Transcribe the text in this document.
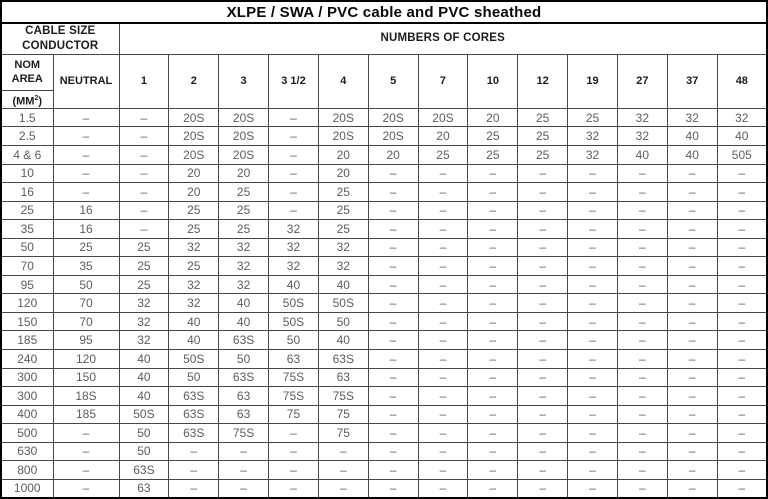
XLPE / SWA / PVC cable and PVC sheathed														

CABLE SIZE
CONDUCTOR		NUMBERS OF CORES												

NOM
AREA
$(MM^2)$	NEUTRAL	1	2	3	3 1/2	4	5	7	10	12	19	27	37	48
1.5	–	–	20S	20S	–	20S	20S	20S	20	25	25	32	32	32
2.5	–	–	20S	20S	–	20S	20S	20	25	25	32	32	40	40
4 & 6	–	–	20S	20S	–	20	20	25	25	25	32	40	40	505
10	–	–	20	20	–	20	–	–	–	–	–	–	–	–
16	–	–	20	25	–	25	–	–	–	–	–	–	–	–
25	16	–	25	25	–	25	–	–	–	–	–	–	–	–
35	16	–	25	25	32	25	–	–	–	–	–	–	–	–
50	25	25	32	32	32	32	–	–	–	–	–	–	–	–
70	35	25	25	32	32	32	–	–	–	–	–	–	–	–
95	50	25	32	32	40	40	–	–	–	–	–	–	–	–
120	70	32	32	40	50S	50S	–	–	–	–	–	–	–	–
150	70	32	40	40	50S	50	–	–	–	–	–	–	–	–
185	95	32	40	63S	50	40	–	–	–	–	–	–	–	–
240	120	40	50S	50	63	63S	–	–	–	–	–	–	–	–
300	150	40	50	63S	75S	63	–	–	–	–	–	–	–	–
300	18S	40	63S	63	75S	75S	–	–	–	–	–	–	–	–
400	185	50S	63S	63	75	75	–	–	–	–	–	–	–	–
500	–	50	63S	75S	–	75	–	–	–	–	–	–	–	–
630	–	50	–	–	–	–	–	–	–	–	–	–	–	–
800	–	63S	–	–	–	–	–	–	–	–	–	–	–	–
1000	–	63	–	–	–	–	–	–	–	–	–	–	–	–
